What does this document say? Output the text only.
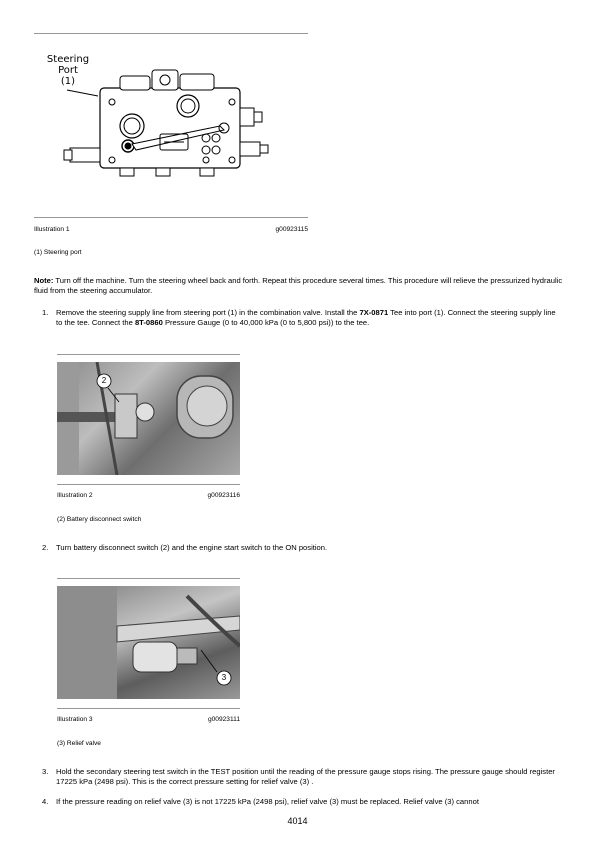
Steering
Port
(1)
Illustration 1	g00923115
(1) Steering port
Note: Turn off the machine. Turn the steering wheel back and forth. Repeat this procedure several times. This procedure will relieve the pressurized hydraulic fluid from the steering accumulator.
1.	Remove the steering supply line from steering port (1) in the combination valve. Install the 7X-0871 Tee into port (1). Connect the steering supply line to the tee. Connect the 8T-0860 Pressure Gauge (0 to 40,000 kPa (0 to 5,800 psi)) to the tee.
2
Illustration 2	g00923116
(2) Battery disconnect switch
2.	Turn battery disconnect switch (2) and the engine start switch to the ON position.
3
Illustration 3	g00923111
(3) Relief valve
3.	Hold the secondary steering test switch in the TEST position until the reading of the pressure gauge stops rising. The pressure gauge should register 17225 kPa (2498 psi). This is the correct pressure setting for relief valve (3) .
4.	If the pressure reading on relief valve (3) is not 17225 kPa (2498 psi), relief valve (3) must be replaced. Relief valve (3) cannot
4014
